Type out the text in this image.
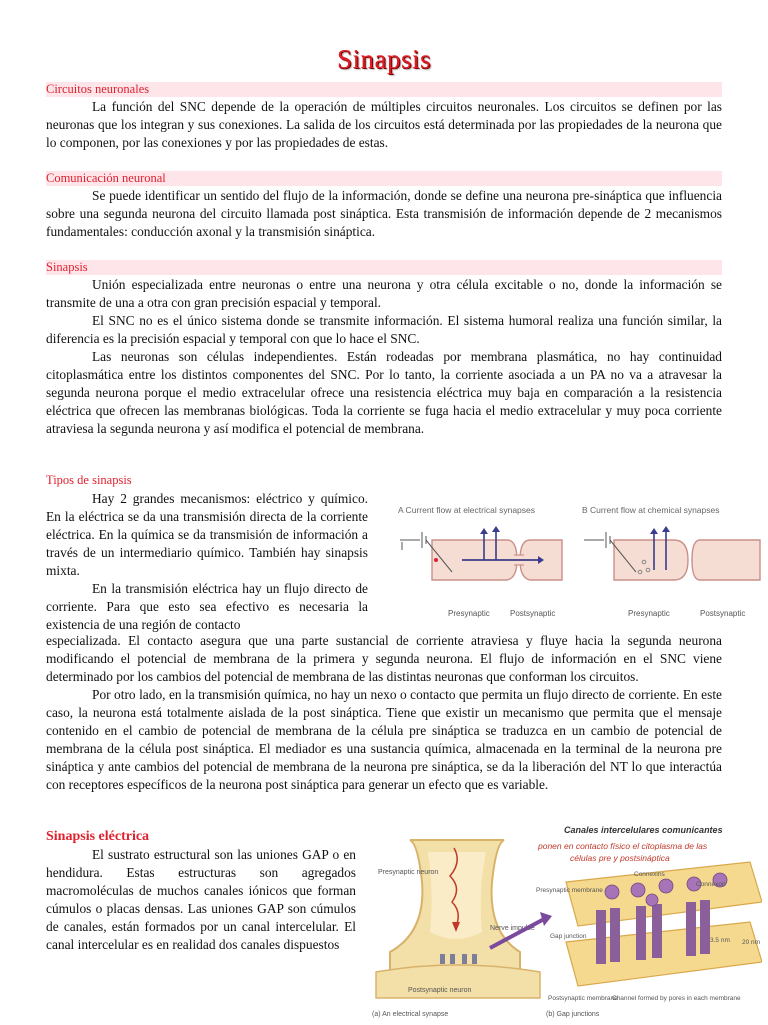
Sinapsis
Circuitos neuronales

La función del SNC depende de la operación de múltiples circuitos neuronales. Los circuitos se definen por las neuronas que los integran y sus conexiones. La salida de los circuitos está determinada por las propiedades de la neurona que lo componen, por las conexiones y por las propiedades de estas.

Comunicación neuronal

Se puede identificar un sentido del flujo de la información, donde se define una neurona pre-sináptica que influencia sobre una segunda neurona del circuito llamada post sináptica. Esta transmisión de información depende de 2 mecanismos fundamentales: conducción axonal y la transmisión sináptica.

Sinapsis

Unión especializada entre neuronas o entre una neurona y otra célula excitable o no, donde la información se transmite de una a otra con gran precisión espacial y temporal.

El SNC no es el único sistema donde se transmite información. El sistema humoral realiza una función similar, la diferencia es la precisión espacial y temporal con que lo hace el SNC.

Las neuronas son células independientes. Están rodeadas por membrana plasmática, no hay continuidad citoplasmática entre los distintos componentes del SNC. Por lo tanto, la corriente asociada a un PA no va a atravesar la segunda neurona porque el medio extracelular ofrece una resistencia eléctrica muy baja en comparación a la resistencia eléctrica que ofrecen las membranas biológicas. Toda la corriente se fuga hacia el medio extracelular y muy poca corriente atraviesa la segunda neurona y así modifica el potencial de membrana.

Tipos de sinapsis

Hay 2 grandes mecanismos: eléctrico y químico. En la eléctrica se da una transmisión directa de la corriente eléctrica. En la química se da transmisión de información a través de un intermediario químico. También hay sinapsis mixta.

En la transmisión eléctrica hay un flujo directo de corriente. Para que esto sea efectivo es necesaria la existencia de una región de contacto

especializada. El contacto asegura que una parte sustancial de corriente atraviesa y fluye hacia la segunda neurona modificando el potencial de membrana de la primera y segunda neurona. El flujo de información en el SNC viene determinado por los cambios del potencial de membrana de las distintas neuronas que conforman los circuitos.

Por otro lado, en la transmisión química, no hay un nexo o contacto que permita un flujo directo de corriente. En este caso, la neurona está totalmente aislada de la post sináptica. Tiene que existir un mecanismo que permita que el mensaje contenido en el cambio de potencial de membrana de la célula pre sináptica se traduzca en un cambio de potencial de membrana de la célula post sináptica. El mediador es una sustancia química, almacenada en la terminal de la neurona pre sináptica y ante cambios del potencial de membrana de la neurona pre sináptica, se da la liberación del NT lo que interactúa con receptores específicos de la neurona post sináptica para generar un efecto que es variable.

A Current flow at electrical synapses	B Current flow at chemical synapses
Presynaptic	Postsynaptic	Presynaptic	Postsynaptic
Sinapsis eléctrica

El sustrato estructural son las uniones GAP o en hendidura. Estas estructuras son agregados macromoléculas de muchos canales iónicos que forman cúmulos o placas densas. Las uniones GAP son cúmulos de canales, están formados por un canal intercelular. El canal intercelular es en realidad dos canales dispuestos

Canales intercelulares comunicantes
ponen en contacto físico el citoplasma de las
células pre y postsináptica
Presynaptic neuron
Nerve impulse
Postsynaptic neuron
(a) An electrical synapse
Connexins
Connexon
Presynaptic membrane
Gap junction
Postsynaptic membrane
Channel formed by pores in each membrane
3.5 nm 20 nm
(b) Gap junctions
